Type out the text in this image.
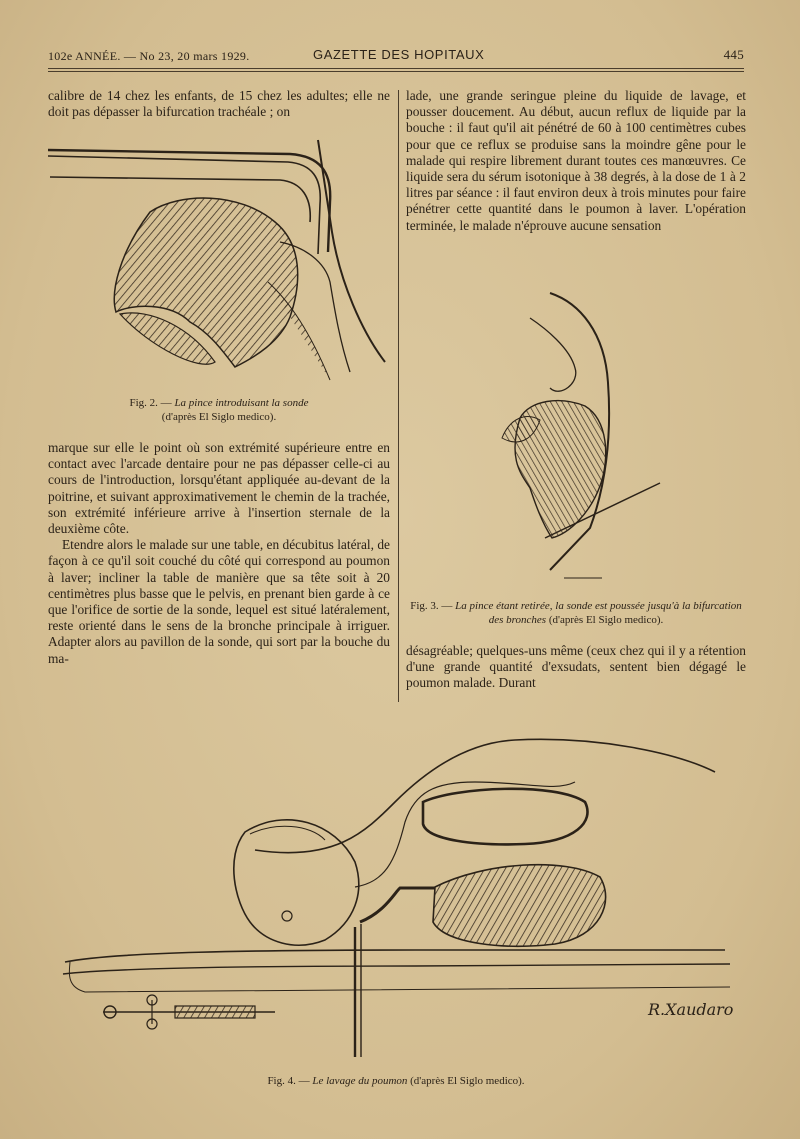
102e ANNÉE. — No 23, 20 mars 1929.	GAZETTE DES HOPITAUX	445

calibre de 14 chez les enfants, de 15 chez les adultes; elle ne doit pas dépasser la bifurcation trachéale ; on

Fig. 2. — La pince introduisant la sonde
(d'après El Siglo medico).

marque sur elle le point où son extrémité supérieure entre en contact avec l'arcade dentaire pour ne pas dépasser celle-ci au cours de l'introduction, lorsqu'étant appliquée au-devant de la poitrine, et suivant approximativement le chemin de la trachée, son extrémité inférieure arrive à l'insertion sternale de la deuxième côte.

Etendre alors le malade sur une table, en décubitus latéral, de façon à ce qu'il soit couché du côté qui correspond au poumon à laver; incliner la table de manière que sa tête soit à 20 centimètres plus basse que le pelvis, en prenant bien garde à ce que l'orifice de sortie de la sonde, lequel est situé latéralement, reste orienté dans le sens de la bronche principale à irriguer. Adapter alors au pavillon de la sonde, qui sort par la bouche du ma-

lade, une grande seringue pleine du liquide de lavage, et pousser doucement. Au début, aucun reflux de liquide par la bouche : il faut qu'il ait pénétré de 60 à 100 centimètres cubes pour que ce reflux se produise sans la moindre gêne pour le malade qui respire librement durant toutes ces manœuvres. Ce liquide sera du sérum isotonique à 38 degrés, à la dose de 1 à 2 litres par séance : il faut environ deux à trois minutes pour faire pénétrer cette quantité dans le poumon à laver. L'opération terminée, le malade n'éprouve aucune sensation

Fig. 3. — La pince étant retirée, la sonde est poussée jusqu'à la bifurcation des bronches (d'après El Siglo medico).

désagréable; quelques-uns même (ceux chez qui il y a rétention d'une grande quantité d'exsudats, sentent bien dégagé le poumon malade. Durant

R.Xaudaro
Fig. 4. — Le lavage du poumon (d'après El Siglo medico).
